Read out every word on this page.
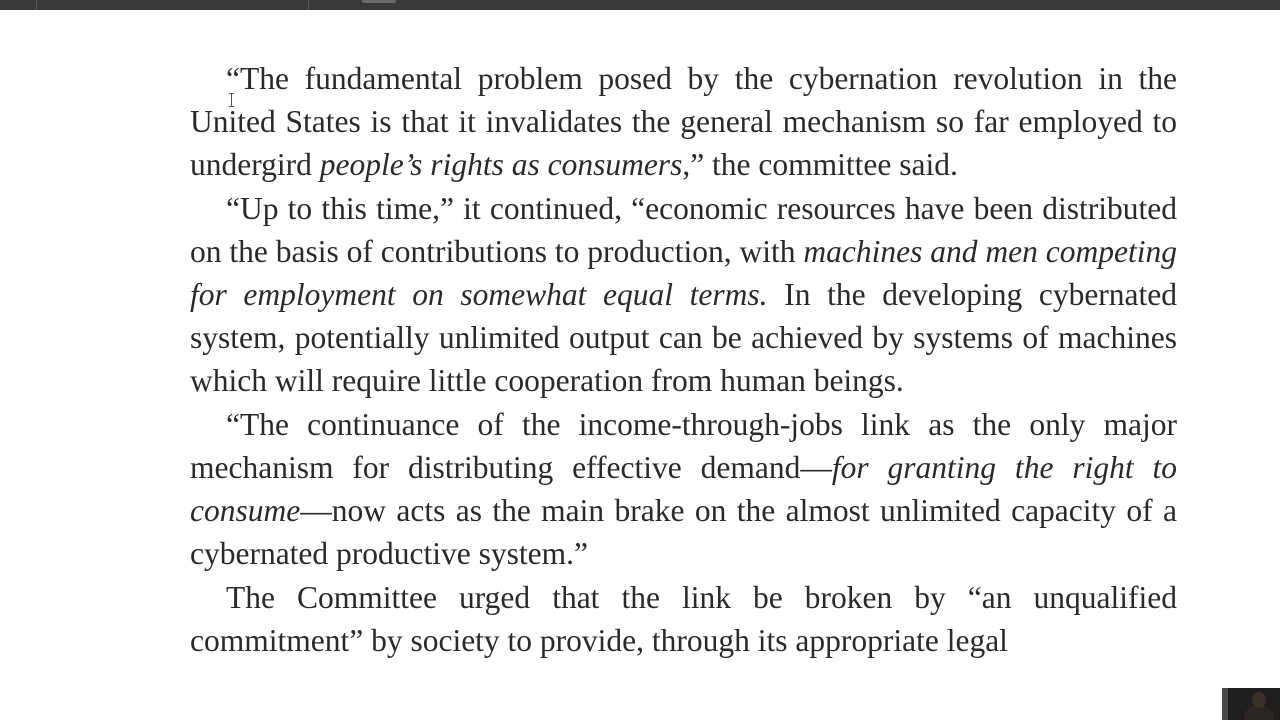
“The fundamental problem posed by the cybernation revolution in the United States is that it invalidates the general mechanism so far employed to undergird people’s rights as consumers,” the committee said.

“Up to this time,” it continued, “economic resources have been distributed on the basis of contributions to production, with machines and men competing for employment on somewhat equal terms. In the developing cybernated system, potentially unlimited output can be achieved by systems of machines which will require little cooperation from human beings.

“The continuance of the income-through-jobs link as the only major mechanism for distributing effective demand—for granting the right to consume—now acts as the main brake on the almost unlimited capacity of a cybernated productive system.”

The Committee urged that the link be broken by “an unqualified commitment” by society to provide, through its appropriate legal
